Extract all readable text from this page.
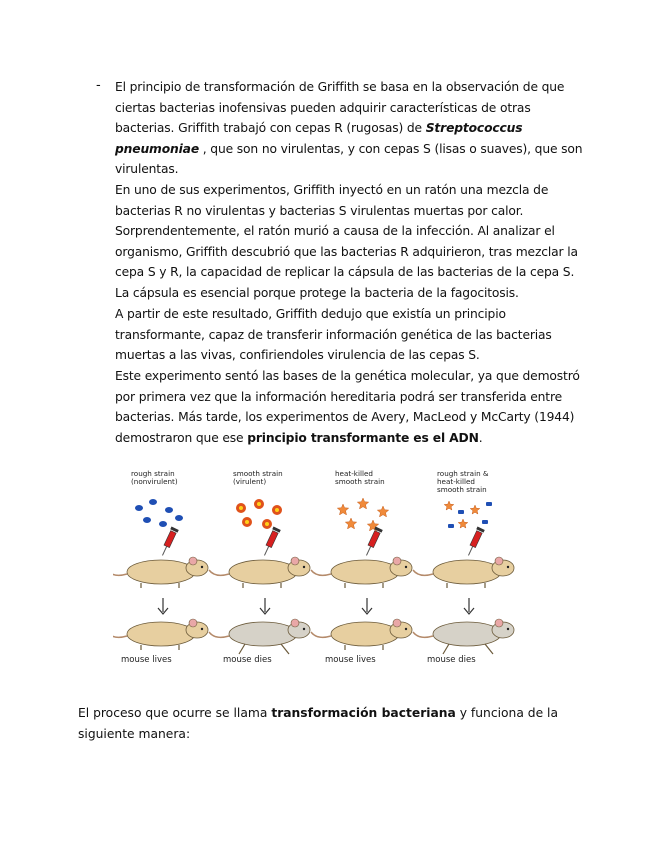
- El principio de transformación de Griffith se basa en la observación de que ciertas bacterias inofensivas pueden adquirir características de otras bacterias. Griffith trabajó con cepas R (rugosas) de Streptococcus pneumoniae , que son no virulentas, y con cepas S (lisas o suaves), que son virulentas.
En uno de sus experimentos, Griffith inyectó en un ratón una mezcla de bacterias R no virulentas y bacterias S virulentas muertas por calor. Sorprendentemente, el ratón murió a causa de la infección. Al analizar el organismo, Griffith descubrió que las bacterias R adquirieron, tras mezclar la cepa S y R, la capacidad de replicar la cápsula de las bacterias de la cepa S. La cápsula es esencial porque protege la bacteria de la fagocitosis.
A partir de este resultado, Griffith dedujo que existía un principio transformante, capaz de transferir información genética de las bacterias muertas a las vivas, confiriendoles virulencia de las cepas S.
Este experimento sentó las bases de la genética molecular, ya que demostró por primera vez que la información hereditaria podrá ser transferida entre bacterias. Más tarde, los experimentos de Avery, MacLeod y McCarty (1944) demostraron que ese principio transformante es el ADN.
rough strain
(nonvirulent)
mouse lives
smooth strain
(virulent)
mouse dies
heat-killed
smooth strain
mouse lives
rough strain &
heat-killed
smooth strain
mouse dies
El proceso que ocurre se llama transformación bacteriana y funciona de la siguiente manera:
